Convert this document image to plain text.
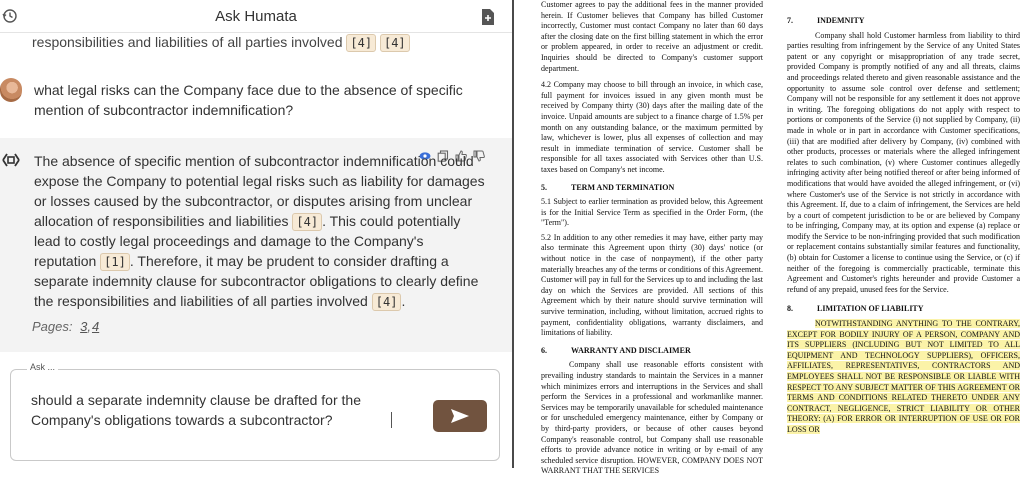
Ask Humata
responsibilities and liabilities of all parties involved [4] [4]
what legal risks can the Company face due to the absence of specific mention of subcontractor indemnification?
The absence of specific mention of subcontractor indemnification could expose the Company to potential legal risks such as liability for damages or losses caused by the subcontractor, or disputes arising from unclear allocation of responsibilities and liabilities [4] . This could potentially lead to costly legal proceedings and damage to the Company's reputation [1] . Therefore, it may be prudent to consider drafting a separate indemnity clause for subcontractor obligations to clearly define the responsibilities and liabilities of all parties involved [4] .
Pages: 3,4
should a separate indemnity clause be drafted for the Company's obligations towards a subcontractor?
Ask ...

Customer agrees to pay the additional fees in the manner provided herein. If Customer believes that Company has billed Customer incorrectly, Customer must contact Company no later than 60 days after the closing date on the first billing statement in which the error or problem appeared, in order to receive an adjustment or credit. Inquiries should be directed to Company's customer support department.

4.2 Company may choose to bill through an invoice, in which case, full payment for invoices issued in any given month must be received by Company thirty (30) days after the mailing date of the invoice. Unpaid amounts are subject to a finance charge of 1.5% per month on any outstanding balance, or the maximum permitted by law, whichever is lower, plus all expenses of collection and may result in immediate termination of service. Customer shall be responsible for all taxes associated with Services other than U.S. taxes based on Company's net income.

5.	TERM AND TERMINATION

5.1 Subject to earlier termination as provided below, this Agreement is for the Initial Service Term as specified in the Order Form, (the "Term").

5.2 In addition to any other remedies it may have, either party may also terminate this Agreement upon thirty (30) days' notice (or without notice in the case of nonpayment), if the other party materially breaches any of the terms or conditions of this Agreement. Customer will pay in full for the Services up to and including the last day on which the Services are provided. All sections of this Agreement which by their nature should survive termination will survive termination, including, without limitation, accrued rights to payment, confidentiality obligations, warranty disclaimers, and limitations of liability.

6.	WARRANTY AND DISCLAIMER

Company shall use reasonable efforts consistent with prevailing industry standards to maintain the Services in a manner which minimizes errors and interruptions in the Services and shall perform the Services in a professional and workmanlike manner. Services may be temporarily unavailable for scheduled maintenance or for unscheduled emergency maintenance, either by Company or by third-party providers, or because of other causes beyond Company's reasonable control, but Company shall use reasonable efforts to provide advance notice in writing or by e-mail of any scheduled service disruption. HOWEVER, COMPANY DOES NOT WARRANT THAT THE SERVICES

7.	INDEMNITY

Company shall hold Customer harmless from liability to third parties resulting from infringement by the Service of any United States patent or any copyright or misappropriation of any trade secret, provided Company is promptly notified of any and all threats, claims and proceedings related thereto and given reasonable assistance and the opportunity to assume sole control over defense and settlement; Company will not be responsible for any settlement it does not approve in writing. The foregoing obligations do not apply with respect to portions or components of the Service (i) not supplied by Company, (ii) made in whole or in part in accordance with Customer specifications, (iii) that are modified after delivery by Company, (iv) combined with other products, processes or materials where the alleged infringement relates to such combination, (v) where Customer continues allegedly infringing activity after being notified thereof or after being informed of modifications that would have avoided the alleged infringement, or (vi) where Customer's use of the Service is not strictly in accordance with this Agreement. If, due to a claim of infringement, the Services are held by a court of competent jurisdiction to be or are believed by Company to be infringing, Company may, at its option and expense (a) replace or modify the Service to be non-infringing provided that such modification or replacement contains substantially similar features and functionality, (b) obtain for Customer a license to continue using the Service, or (c) if neither of the foregoing is commercially practicable, terminate this Agreement and Customer's rights hereunder and provide Customer a refund of any prepaid, unused fees for the Service.

8.	LIMITATION OF LIABILITY

NOTWITHSTANDING ANYTHING TO THE CONTRARY, EXCEPT FOR BODILY INJURY OF A PERSON, COMPANY AND ITS SUPPLIERS (INCLUDING BUT NOT LIMITED TO ALL EQUIPMENT AND TECHNOLOGY SUPPLIERS), OFFICERS, AFFILIATES, REPRESENTATIVES, CONTRACTORS AND EMPLOYEES SHALL NOT BE RESPONSIBLE OR LIABLE WITH RESPECT TO ANY SUBJECT MATTER OF THIS AGREEMENT OR TERMS AND CONDITIONS RELATED THERETO UNDER ANY CONTRACT, NEGLIGENCE, STRICT LIABILITY OR OTHER THEORY: (A) FOR ERROR OR INTERRUPTION OF USE OR FOR LOSS OR
